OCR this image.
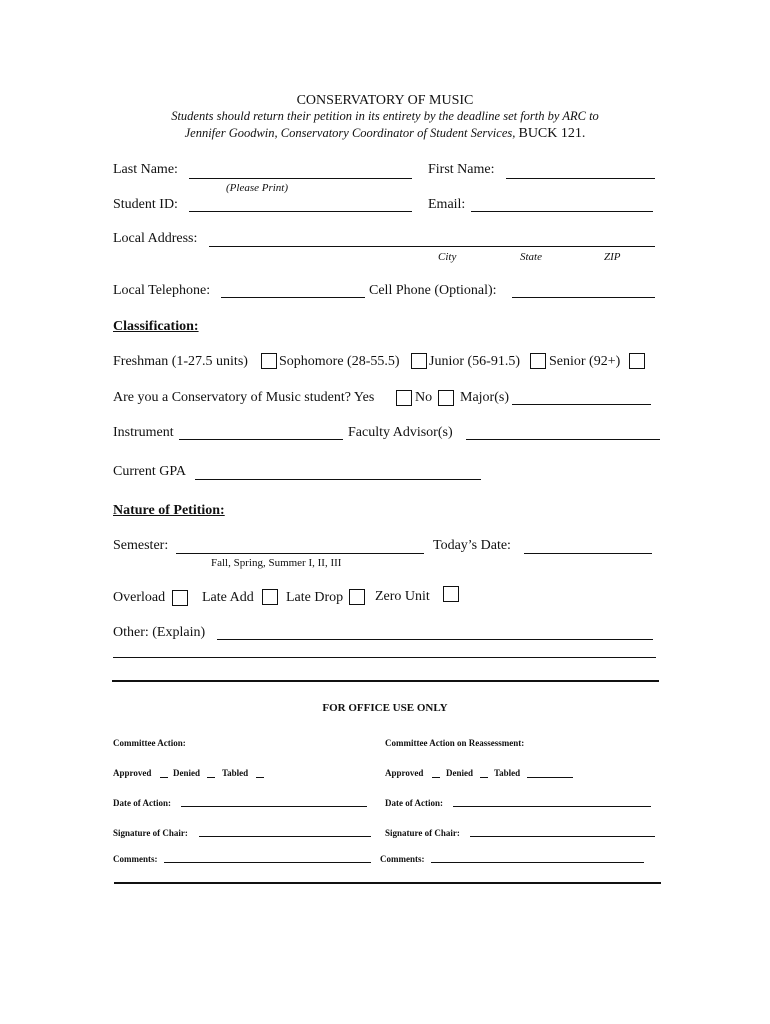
CONSERVATORY OF MUSIC
Students should return their petition in its entirety by the deadline set forth by ARC to
Jennifer Goodwin, Conservatory Coordinator of Student Services, BUCK 121.
Last Name:	First Name:
(Please Print)
Student ID:	Email:
Local Address:
City	State	ZIP
Local Telephone:	Cell Phone (Optional):
Classification:
Freshman (1-27.5 units) Sophomore (28-55.5) Junior (56-91.5) Senior (92+)
Are you a Conservatory of Music student? Yes	No Major(s)
Instrument	Faculty Advisor(s)
Current GPA
Nature of Petition:
Semester:	Today’s Date:
Fall, Spring, Summer I, II, III
Overload	Late Add Late Drop Zero Unit
Other: (Explain)
FOR OFFICE USE ONLY
Committee Action:	Committee Action on Reassessment:
Approved Denied Tabled	Approved	Denied Tabled
Date of Action:	Date of Action:
Signature of Chair:	Signature of Chair:
Comments:	Comments:
